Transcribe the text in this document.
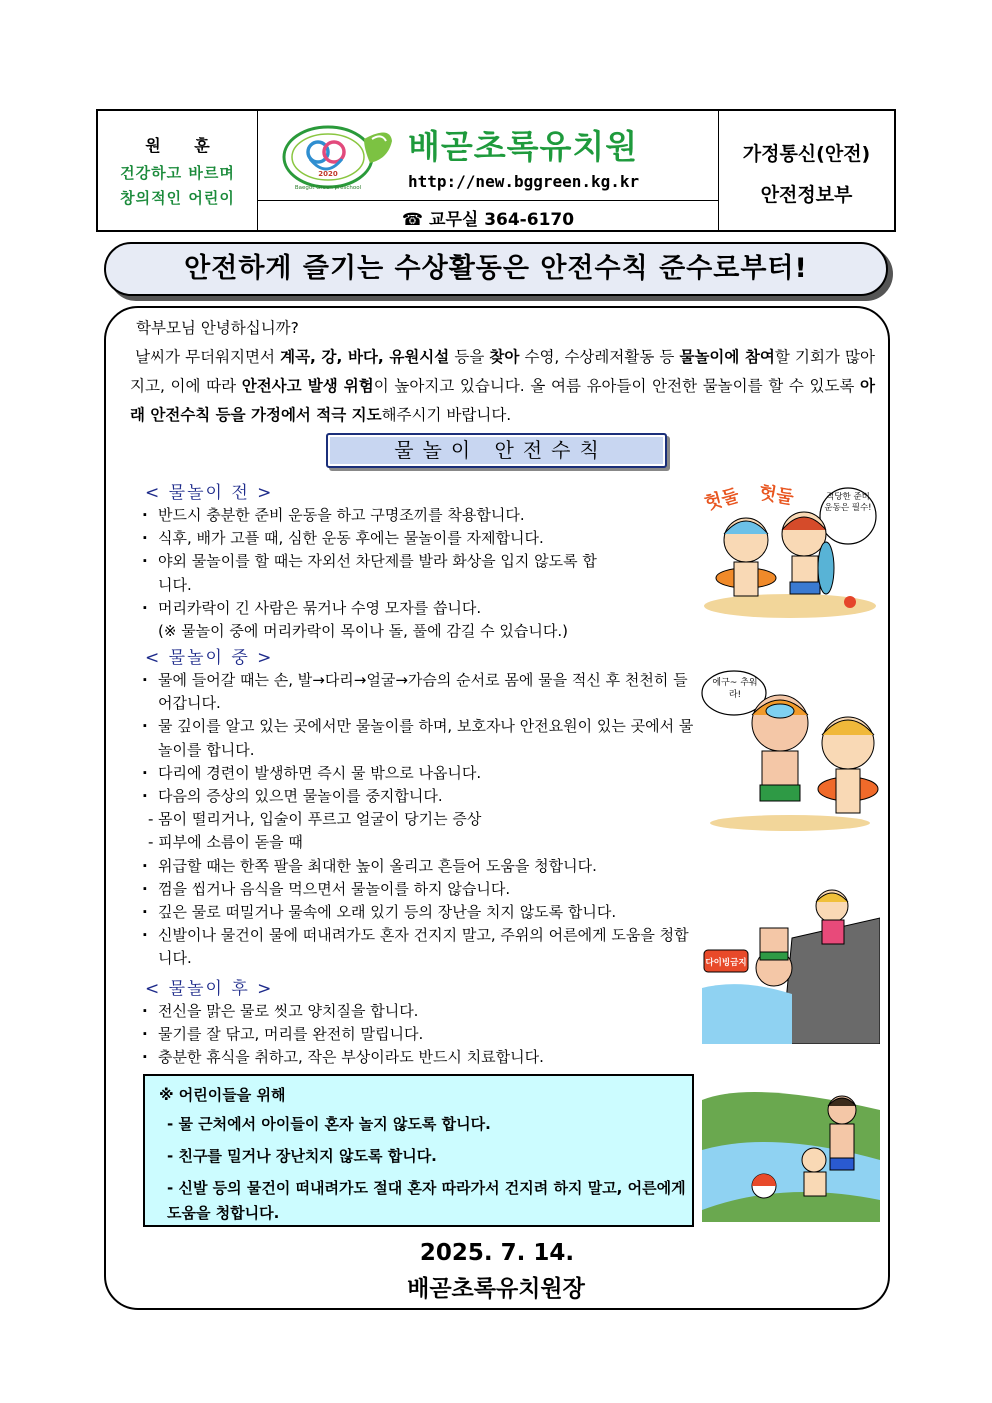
원 훈
건강하고 바르며
창의적인 어린이
2020
Baegot Green preschool
배곧초록유치원
http://new.bggreen.kg.kr
☎ 교무실 364-6170
가정통신(안전)
안전정보부
안전하게 즐기는 수상활동은 안전수칙 준수로부터!
학부모님 안녕하십니까?
날씨가 무더워지면서 계곡, 강, 바다, 유원시설 등을 찾아 수영, 수상레저활동 등 물놀이에 참여할 기회가 많아지고, 이에 따라 안전사고 발생 위험이 높아지고 있습니다. 올 여름 유아들이 안전한 물놀이를 할 수 있도록 아래 안전수칙 등을 가정에서 적극 지도해주시기 바랍니다.
물놀이 안전수칙
< 물놀이 전 >
· 반드시 충분한 준비 운동을 하고 구명조끼를 착용합니다.
· 식후, 배가 고플 때, 심한 운동 후에는 물놀이를 자제합니다.
· 야외 물놀이를 할 때는 자외선 차단제를 발라 화상을 입지 않도록 합니다.
· 머리카락이 긴 사람은 묶거나 수영 모자를 씁니다.
(※ 물놀이 중에 머리카락이 목이나 돌, 풀에 감길 수 있습니다.)
< 물놀이 중 >
· 물에 들어갈 때는 손, 발→다리→얼굴→가슴의 순서로 몸에 물을 적신 후 천천히 들어갑니다.
· 물 깊이를 알고 있는 곳에서만 물놀이를 하며, 보호자나 안전요원이 있는 곳에서 물놀이를 합니다.
· 다리에 경련이 발생하면 즉시 물 밖으로 나옵니다.
· 다음의 증상의 있으면 물놀이를 중지합니다.
- 몸이 떨리거나, 입술이 푸르고 얼굴이 당기는 증상
- 피부에 소름이 돋을 때
· 위급할 때는 한쪽 팔을 최대한 높이 올리고 흔들어 도움을 청합니다.
· 껌을 씹거나 음식을 먹으면서 물놀이를 하지 않습니다.
· 깊은 물로 떠밀거나 물속에 오래 있기 등의 장난을 치지 않도록 합니다.
· 신발이나 물건이 물에 떠내려가도 혼자 건지지 말고, 주위의 어른에게 도움을 청합니다.
< 물놀이 후 >
· 전신을 맑은 물로 씻고 양치질을 합니다.
· 물기를 잘 닦고, 머리를 완전히 말립니다.
· 충분한 휴식을 취하고, 작은 부상이라도 반드시 치료합니다.
※ 어린이들을 위해
- 물 근처에서 아이들이 혼자 놀지 않도록 합니다.
- 친구를 밀거나 장난치지 않도록 합니다.
- 신발 등의 물건이 떠내려가도 절대 혼자 따라가서 건지려 하지 말고, 어른에게 도움을 청합니다.
헛둘 헛둘	적당한 준비 운동은 필수!
에구~ 추워라!
다이빙금지
2025. 7. 14.
배곧초록유치원장
